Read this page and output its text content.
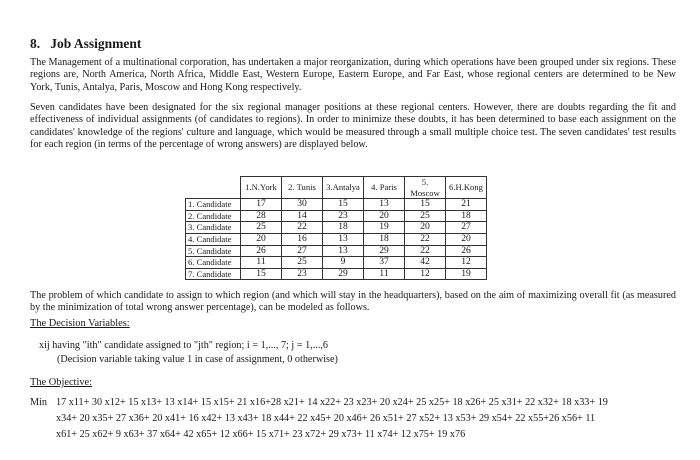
8. Job Assignment

The Management of a multinational corporation, has undertaken a major reorganization, during which operations have been grouped under six regions. These regions are, North America, North Africa, Middle East, Western Europe, Eastern Europe, and Far East, whose regional centers are determined to be New York, Tunis, Antalya, Paris, Moscow and Hong Kong respectively.

Seven candidates have been designated for the six regional manager positions at these regional centers. However, there are doubts regarding the fit and effectiveness of individual assignments (of candidates to regions). In order to minimize these doubts, it has been determined to base each assignment on the candidates' knowledge of the regions' culture and language, which would be measured through a small multiple choice test. The seven candidates' test results for each region (in terms of the percentage of wrong answers) are displayed below.

	1.N.York	2. Tunis	3.Antalya	4. Paris	5. Moscow	6.H.Kong
1. Candidate	17	30	15	13	15	21
2. Candidate	28	14	23	20	25	18
3. Candidate	25	22	18	19	20	27
4. Candidate	20	16	13	18	22	20
5. Candidate	26	27	13	29	22	26
6. Candidate	11	25	9	37	42	12
7. Candidate	15	23	29	11	12	19

The problem of which candidate to assign to which region (and which will stay in the headquarters), based on the aim of maximizing overall fit (as measured by the minimization of total wrong answer percentage), can be modeled as follows.

The Decision Variables:
xij having "ith" candidate assigned to "jth" region; i = 1,..., 7; j = 1,...,6
(Decision variable taking value 1 in case of assignment, 0 otherwise)
The Objective:
Min 17 x11+ 30 x12+ 15 x13+ 13 x14+ 15 x15+ 21 x16+28 x21+ 14 x22+ 23 x23+ 20 x24+ 25 x25+ 18 x26+ 25 x31+ 22 x32+ 18 x33+ 19
x34+ 20 x35+ 27 x36+ 20 x41+ 16 x42+ 13 x43+ 18 x44+ 22 x45+ 20 x46+ 26 x51+ 27 x52+ 13 x53+ 29 x54+ 22 x55+26 x56+ 11
x61+ 25 x62+ 9 x63+ 37 x64+ 42 x65+ 12 x66+ 15 x71+ 23 x72+ 29 x73+ 11 x74+ 12 x75+ 19 x76
